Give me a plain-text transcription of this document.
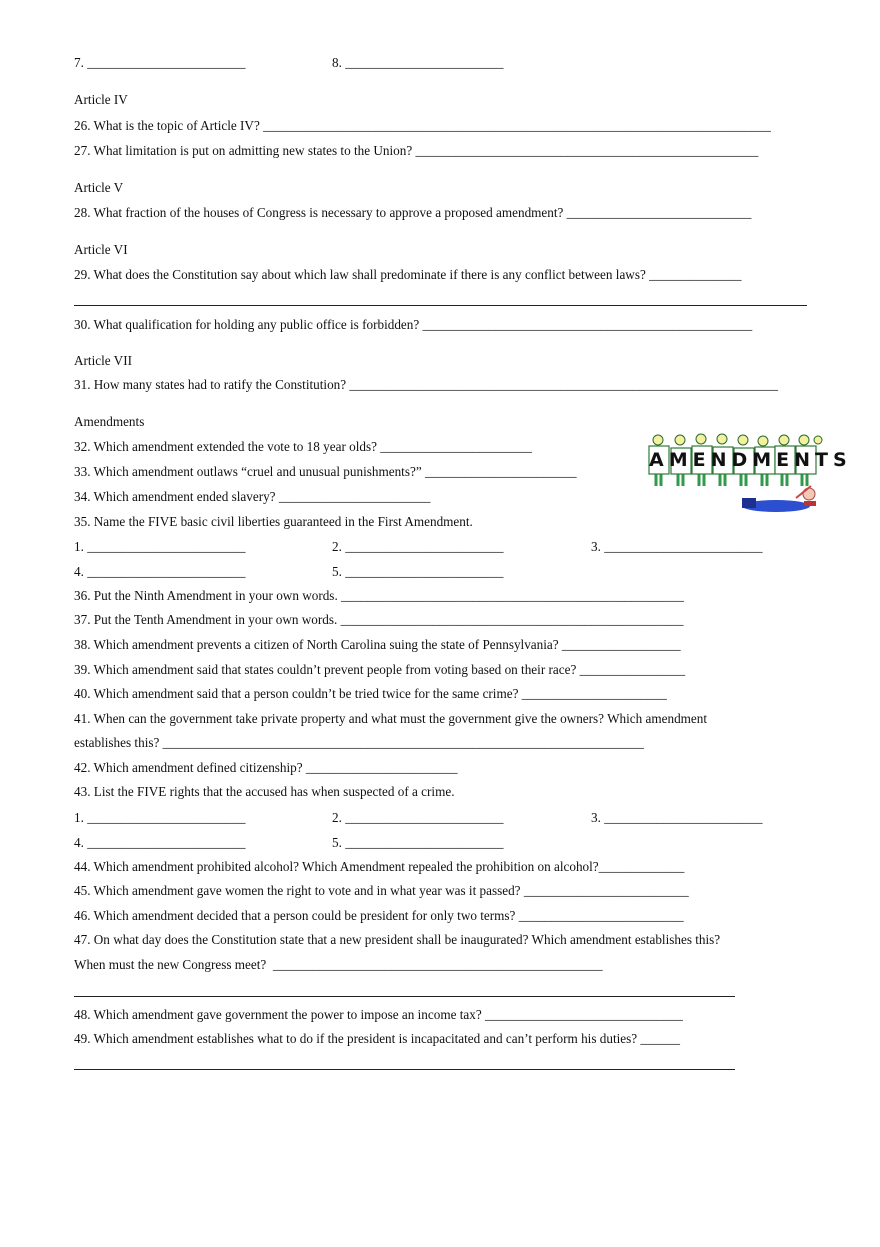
7. ________________________	8. ________________________
Article IV
26. What is the topic of Article IV? _____________________________________________________________________________
27. What limitation is put on admitting new states to the Union? ____________________________________________________
Article V
28. What fraction of the houses of Congress is necessary to approve a proposed amendment? ____________________________
Article VI
29. What does the Constitution say about which law shall predominate if there is any conflict between laws? ______________
30. What qualification for holding any public office is forbidden? __________________________________________________
Article VII
31. How many states had to ratify the Constitution? _________________________________________________________________
Amendments
32. Which amendment extended the vote to 18 year olds? _______________________
33. Which amendment outlaws “cruel and unusual punishments?” _______________________
34. Which amendment ended slavery? _______________________
35. Name the FIVE basic civil liberties guaranteed in the First Amendment.
1. ________________________	2. ________________________	3. ________________________
4. ________________________	5. ________________________
36. Put the Ninth Amendment in your own words. ____________________________________________________
37. Put the Tenth Amendment in your own words. ____________________________________________________
38. Which amendment prevents a citizen of North Carolina suing the state of Pennsylvania? __________________
39. Which amendment said that states couldn’t prevent people from voting based on their race? ________________
40. Which amendment said that a person couldn’t be tried twice for the same crime? ______________________
41. When can the government take private property and what must the government give the owners? Which amendment
establishes this? _________________________________________________________________________
42. Which amendment defined citizenship? _______________________
43. List the FIVE rights that the accused has when suspected of a crime.
1. ________________________	2. ________________________	3. ________________________
4. ________________________	5. ________________________
44. Which amendment prohibited alcohol? Which Amendment repealed the prohibition on alcohol?_____________
45. Which amendment gave women the right to vote and in what year was it passed? _________________________
46. Which amendment decided that a person could be president for only two terms? _________________________
47. On what day does the Constitution state that a new president shall be inaugurated? Which amendment establishes this?
When must the new Congress meet?  __________________________________________________
48. Which amendment gave government the power to impose an income tax? ______________________________
49. Which amendment establishes what to do if the president is incapacitated and can’t perform his duties? ______
AMENDMENTS
